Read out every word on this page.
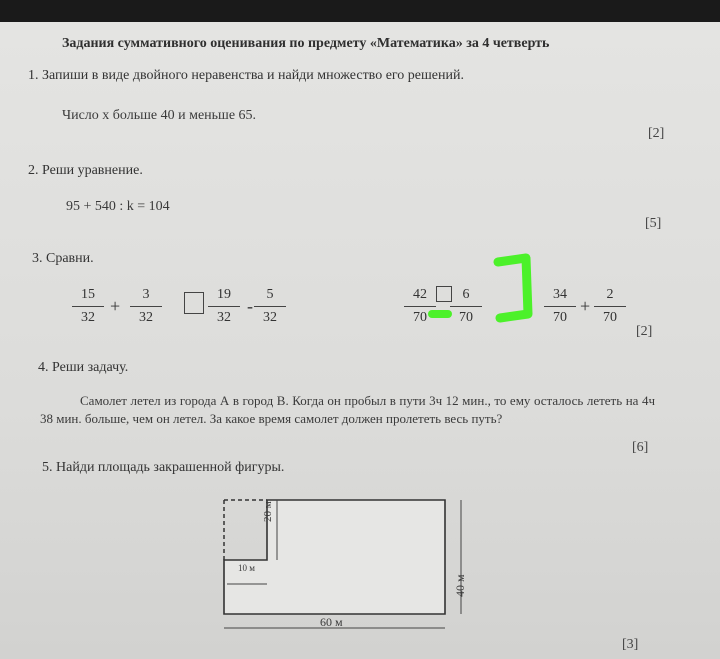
Задания суммативного оценивания по предмету «Математика» за 4 четверть
1. Запиши в виде двойного неравенства и найди множество его решений.
Число x больше 40 и меньше 65.
[2]
2. Реши уравнение.
95 + 540 : k = 104
[5]
3. Сравни.
15
32
+
3
32
19
32
-
5
32
42
70
6
70
34
70
+
2
70
[2]
4. Реши задачу.
Самолет летел из города А в город В. Когда он пробыл в пути 3ч 12 мин., то ему осталось лететь на 4ч 38 мин. больше, чем он летел. За какое время самолет должен пролететь весь путь?
[6]
5. Найди площадь закрашенной фигуры.
20 м
10 м
40 м
60 м
[3]
